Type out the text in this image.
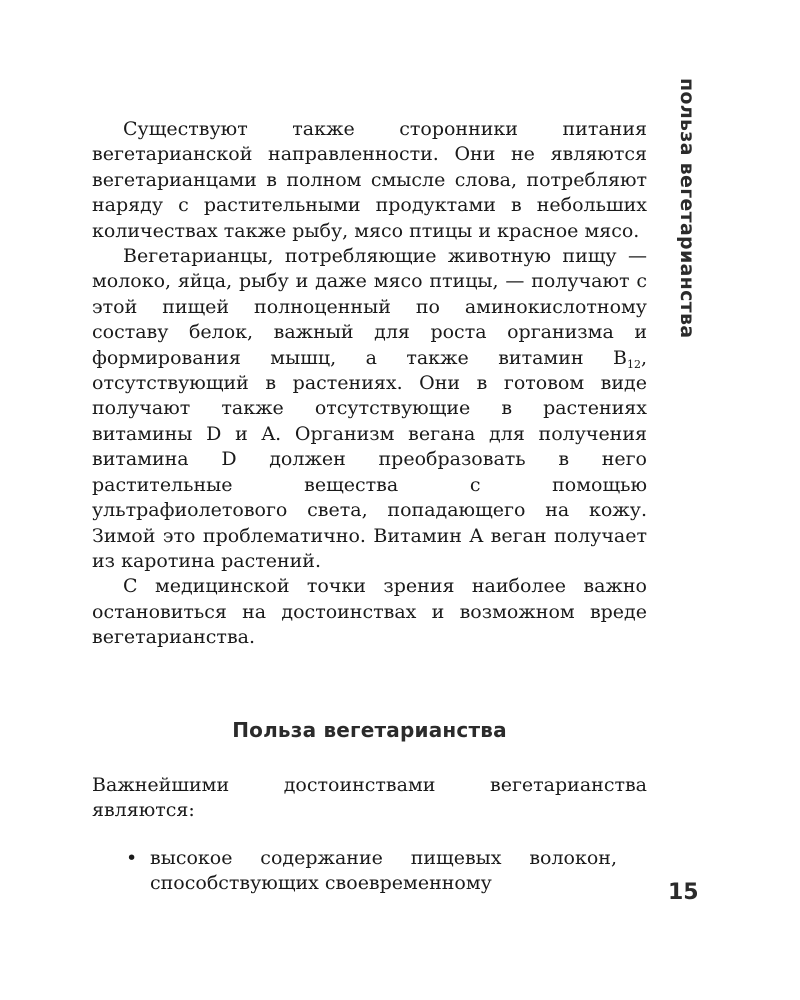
польза вегетарианства

Существуют также сторонники питания вегетарианской направленности. Они не являются вегетарианцами в полном смысле слова, потребляют наряду с растительными продуктами в небольших количествах также рыбу, мясо птицы и красное мясо.

Вегетарианцы, потребляющие животную пищу — молоко, яйца, рыбу и даже мясо птицы, — получают с этой пищей полноценный по аминокислотному составу белок, важный для роста организма и формирования мышц, а также витамин $B_{12}$, отсутствующий в растениях. Они в готовом виде получают также отсутствующие в растениях витамины D и A. Организм вегана для получения витамина D должен преобразовать в него растительные вещества с помощью ультрафиолетового света, попадающего на кожу. Зимой это проблематично. Витамин A веган получает из каротина растений.

С медицинской точки зрения наиболее важно остановиться на достоинствах и возможном вреде вегетарианства.

Польза вегетарианства

Важнейшими достоинствами вегетарианства являются:

• высокое содержание пищевых волокон, способствующих своевременному	15
